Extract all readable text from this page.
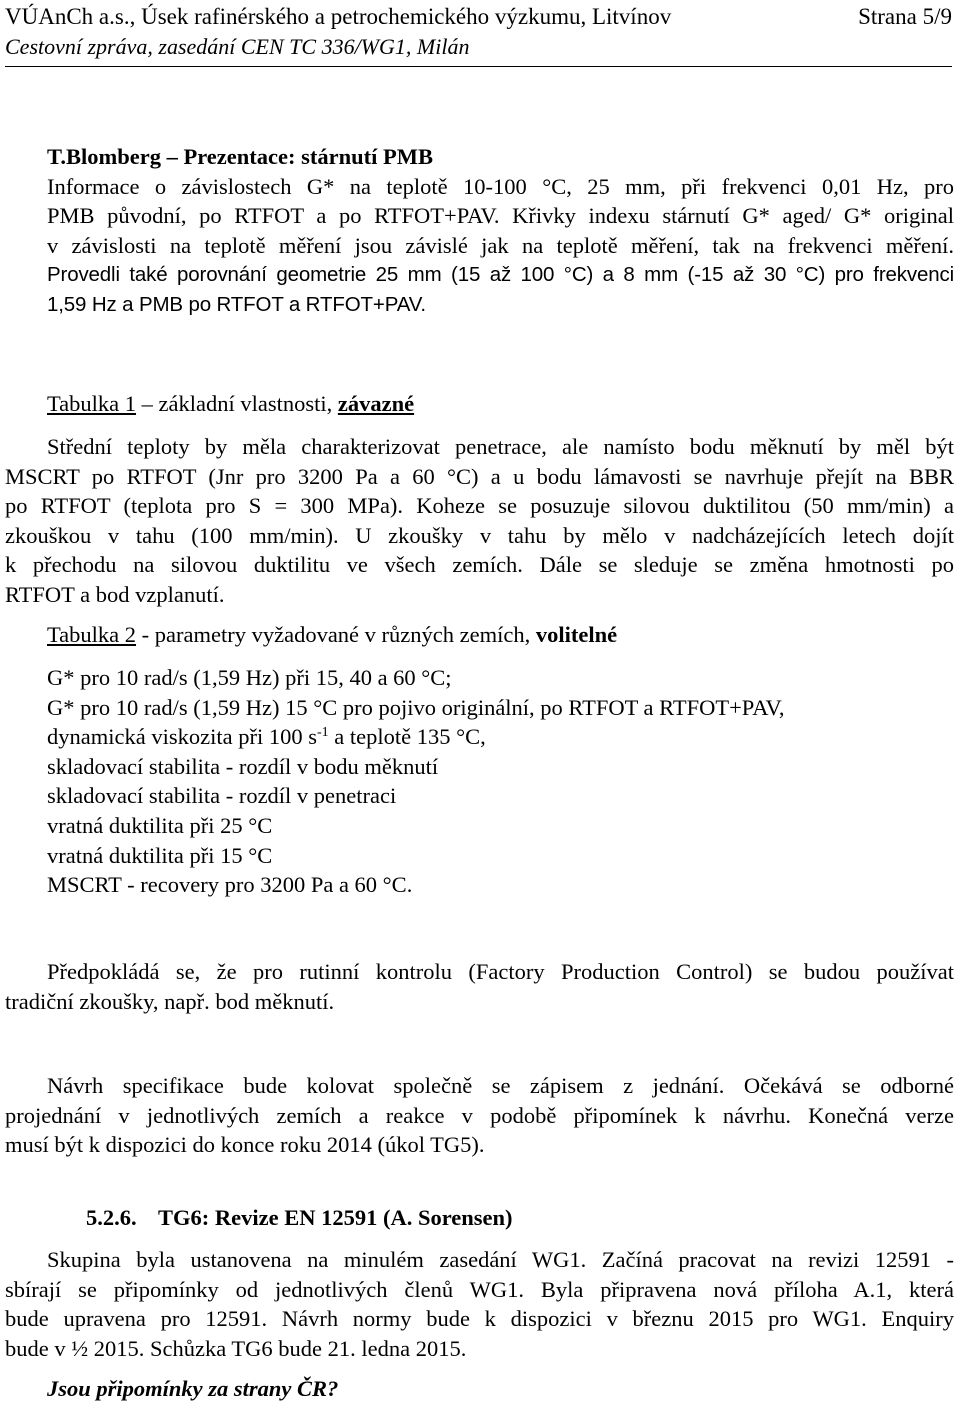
VÚAnCh a.s., Úsek rafinérského a petrochemického výzkumu, Litvínov	Strana 5/9
Cestovní zpráva, zasedání CEN TC 336/WG1, Milán
T.Blomberg – Prezentace: stárnutí PMB
Informace o závislostech G* na teplotě 10-100 °C, 25 mm, při frekvenci 0,01 Hz, pro
PMB původní, po RTFOT a po RTFOT+PAV. Křivky indexu stárnutí G* aged/ G* original
v závislosti na teplotě měření jsou závislé jak na teplotě měření, tak na frekvenci měření.
Provedli také porovnání geometrie 25 mm (15 až 100 °C) a 8 mm (-15 až 30 °C) pro frekvenci
1,59 Hz a PMB po RTFOT a RTFOT+PAV.
Tabulka 1 – základní vlastnosti, závazné
Střední teploty by měla charakterizovat penetrace, ale namísto bodu měknutí by měl být
MSCRT po RTFOT (Jnr pro 3200 Pa a 60 °C) a u bodu lámavosti se navrhuje přejít na BBR
po RTFOT (teplota pro S = 300 MPa). Koheze se posuzuje silovou duktilitou (50 mm/min) a
zkouškou v tahu (100 mm/min). U zkoušky v tahu by mělo v nadcházejících letech dojít
k přechodu na silovou duktilitu ve všech zemích. Dále se sleduje se změna hmotnosti po
RTFOT a bod vzplanutí.
Tabulka 2 - parametry vyžadované v různých zemích, volitelné
G* pro 10 rad/s (1,59 Hz) při 15, 40 a 60 °C;
G* pro 10 rad/s (1,59 Hz) 15 °C pro pojivo originální, po RTFOT a RTFOT+PAV,
dynamická viskozita při 100 $s^{-1}$ a teplotě 135 °C,
skladovací stabilita - rozdíl v bodu měknutí
skladovací stabilita - rozdíl v penetraci
vratná duktilita při 25 °C
vratná duktilita při 15 °C
MSCRT - recovery pro 3200 Pa a 60 °C.
Předpokládá se, že pro rutinní kontrolu (Factory Production Control) se budou používat
tradiční zkoušky, např. bod měknutí.
Návrh specifikace bude kolovat společně se zápisem z jednání. Očekává se odborné
projednání v jednotlivých zemích a reakce v podobě připomínek k návrhu. Konečná verze
musí být k dispozici do konce roku 2014 (úkol TG5).
5.2.6. TG6: Revize EN 12591 (A. Sorensen)
Skupina byla ustanovena na minulém zasedání WG1. Začíná pracovat na revizi 12591 -
sbírají se připomínky od jednotlivých členů WG1. Byla připravena nová příloha A.1, která
bude upravena pro 12591. Návrh normy bude k dispozici v březnu 2015 pro WG1. Enquiry
bude v ½ 2015. Schůzka TG6 bude 21. ledna 2015.
Jsou připomínky za strany ČR?
